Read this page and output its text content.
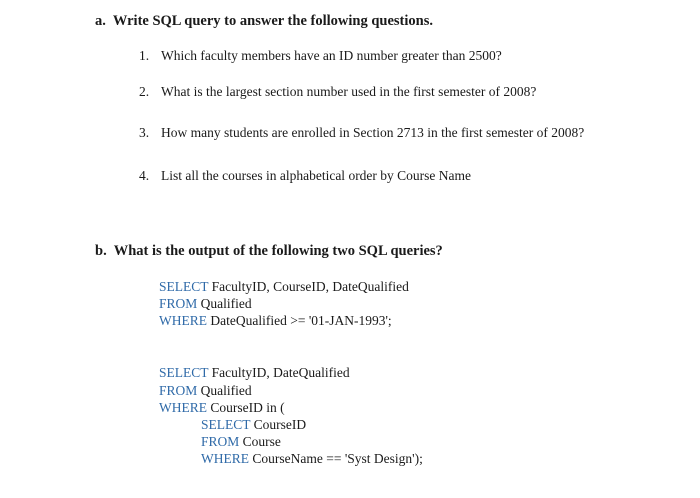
a. Write SQL query to answer the following questions.
1. Which faculty members have an ID number greater than 2500?
2. What is the largest section number used in the first semester of 2008?
3. How many students are enrolled in Section 2713 in the first semester of 2008?
4. List all the courses in alphabetical order by Course Name
b. What is the output of the following two SQL queries?
SELECT FacultyID, CourseID, DateQualified
FROM Qualified
WHERE DateQualified >= '01-JAN-1993';
SELECT FacultyID, DateQualified
FROM Qualified
WHERE CourseID in (
SELECT CourseID
FROM Course
WHERE CourseName == 'Syst Design');
